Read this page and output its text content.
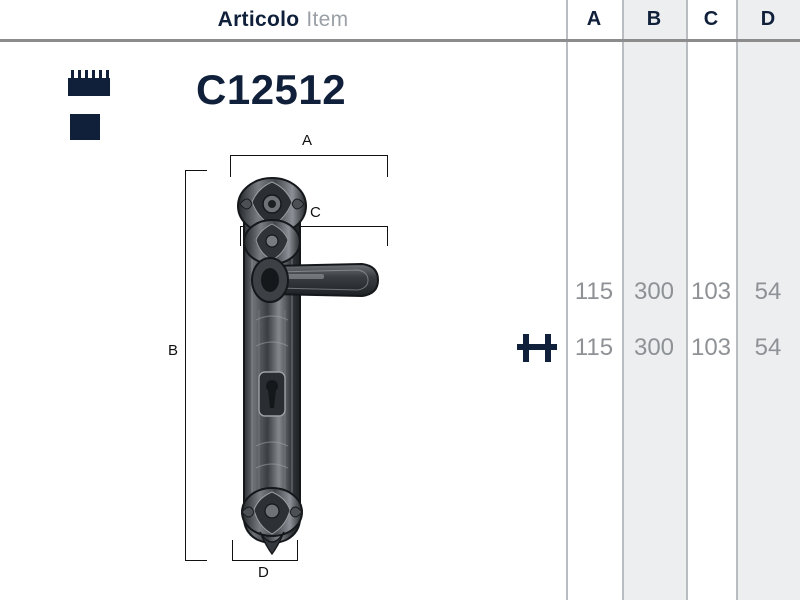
Articolo Item	A B C D
C12512
A
C
B
D
115 300 103 54
115 300 103 54
